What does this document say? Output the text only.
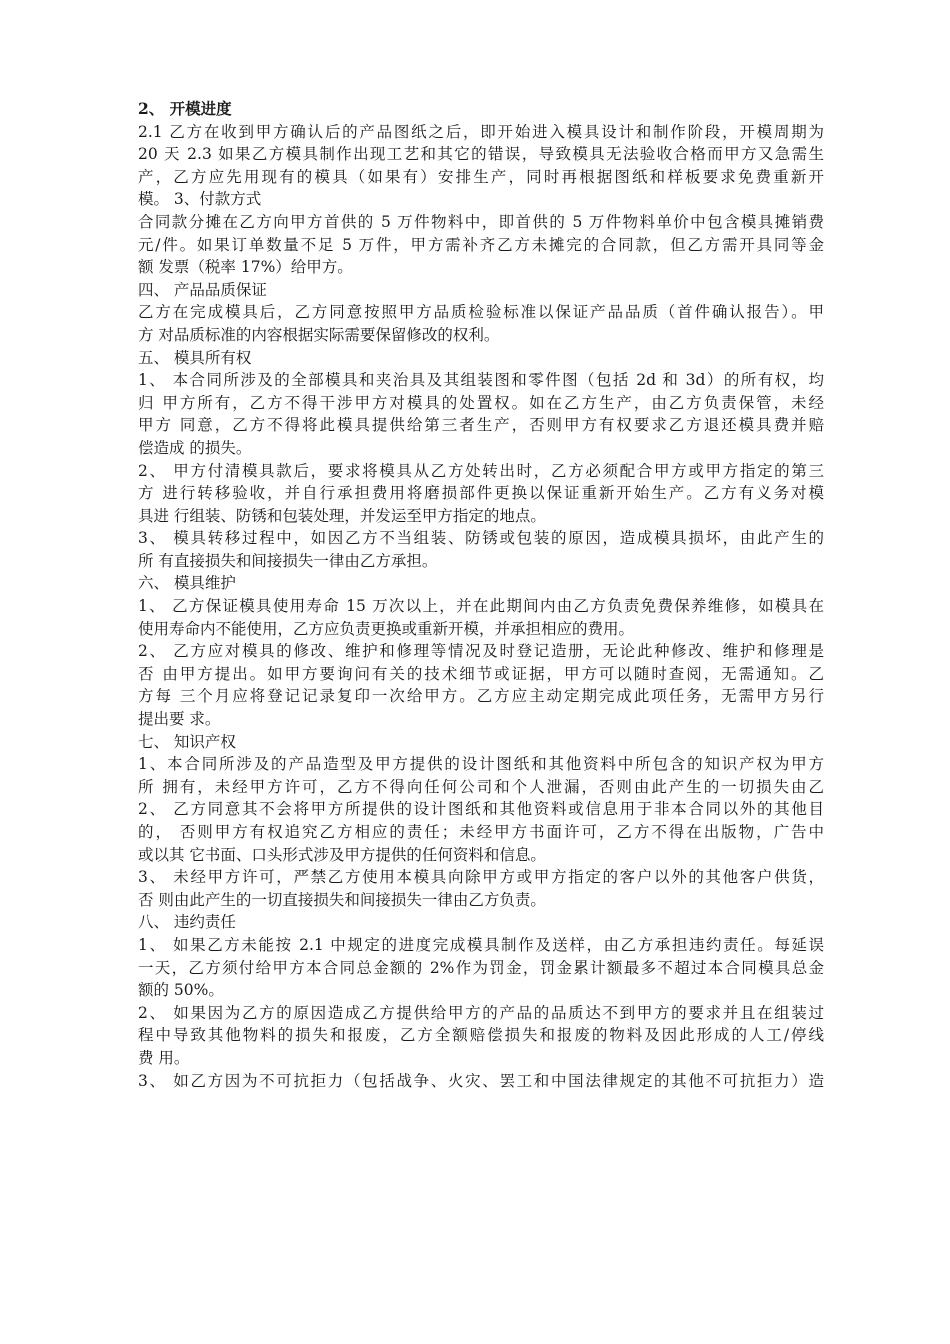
2、 开模进度
2.1 乙方在收到甲方确认后的产品图纸之后，即开始进入模具设计和制作阶段，开模周期为
20 天 2.3 如果乙方模具制作出现工艺和其它的错误，导致模具无法验收合格而甲方又急需生
产，乙方应先用现有的模具（如果有）安排生产，同时再根据图纸和样板要求免费重新开
模。 3、付款方式
合同款分摊在乙方向甲方首供的 5 万件物料中，即首供的 5 万件物料单价中包含模具摊销费
元/件。如果订单数量不足 5 万件，甲方需补齐乙方未摊完的合同款，但乙方需开具同等金
额 发票（税率 17%）给甲方。
四、 产品品质保证
乙方在完成模具后，乙方同意按照甲方品质检验标准以保证产品品质（首件确认报告）。甲
方 对品质标准的内容根据实际需要保留修改的权利。
五、 模具所有权
1、 本合同所涉及的全部模具和夹治具及其组装图和零件图（包括 2d 和 3d）的所有权，均
归 甲方所有，乙方不得干涉甲方对模具的处置权。如在乙方生产，由乙方负责保管，未经
甲方 同意，乙方不得将此模具提供给第三者生产，否则甲方有权要求乙方退还模具费并赔
偿造成 的损失。
2、 甲方付清模具款后，要求将模具从乙方处转出时，乙方必须配合甲方或甲方指定的第三
方 进行转移验收，并自行承担费用将磨损部件更换以保证重新开始生产。乙方有义务对模
具进 行组装、防锈和包装处理，并发运至甲方指定的地点。
3、 模具转移过程中，如因乙方不当组装、防锈或包装的原因，造成模具损坏，由此产生的
所 有直接损失和间接损失一律由乙方承担。
六、 模具维护
1、 乙方保证模具使用寿命 15 万次以上，并在此期间内由乙方负责免费保养维修，如模具在
使用寿命内不能使用，乙方应负责更换或重新开模，并承担相应的费用。
2、 乙方应对模具的修改、维护和修理等情况及时登记造册，无论此种修改、维护和修理是
否 由甲方提出。如甲方要询问有关的技术细节或证据，甲方可以随时查阅，无需通知。乙
方每 三个月应将登记记录复印一次给甲方。乙方应主动定期完成此项任务，无需甲方另行
提出要 求。
七、 知识产权
1、本合同所涉及的产品造型及甲方提供的设计图纸和其他资料中所包含的知识产权为甲方
所 拥有，未经甲方许可，乙方不得向任何公司和个人泄漏，否则由此产生的一切损失由乙
2、 乙方同意其不会将甲方所提供的设计图纸和其他资料或信息用于非本合同以外的其他目
的， 否则甲方有权追究乙方相应的责任；未经甲方书面许可，乙方不得在出版物，广告中
或以其 它书面、口头形式涉及甲方提供的任何资料和信息。
3、 未经甲方许可，严禁乙方使用本模具向除甲方或甲方指定的客户以外的其他客户供货，
否 则由此产生的一切直接损失和间接损失一律由乙方负责。
八、 违约责任
1、 如果乙方未能按 2.1 中规定的进度完成模具制作及送样，由乙方承担违约责任。每延误
一天，乙方须付给甲方本合同总金额的 2%作为罚金，罚金累计额最多不超过本合同模具总金
额的 50%。
2、 如果因为乙方的原因造成乙方提供给甲方的产品的品质达不到甲方的要求并且在组装过
程中导致其他物料的损失和报废，乙方全额赔偿损失和报废的物料及因此形成的人工/停线
费 用。
3、 如乙方因为不可抗拒力（包括战争、火灾、罢工和中国法律规定的其他不可抗拒力）造
